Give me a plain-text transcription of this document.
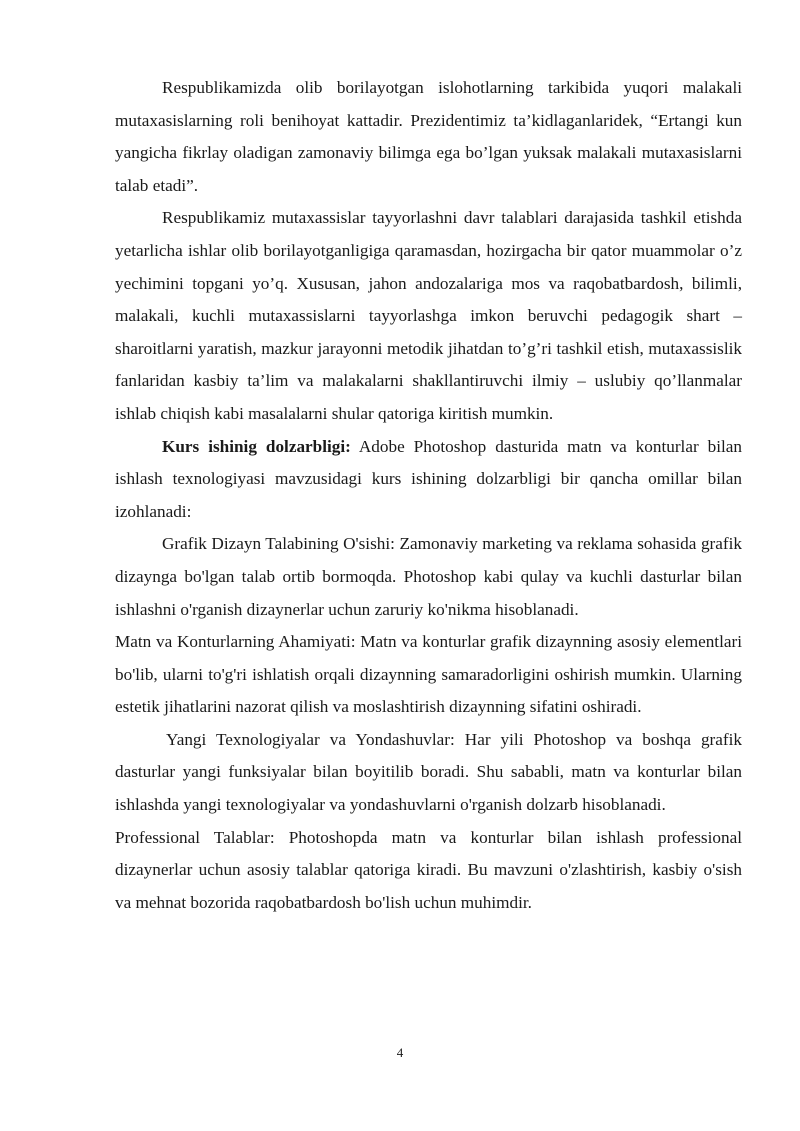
Respublikamizda olib borilayotgan islohotlarning tarkibida yuqori malakali mutaxasislarning roli benihoyat kattadir. Prezidentimiz ta’kidlaganlaridek, “Ertangi kun yangicha fikrlay oladigan zamonaviy bilimga ega bo’lgan yuksak malakali mutaxasislarni talab etadi”.

Respublikamiz mutaxassislar tayyorlashni davr talablari darajasida tashkil etishda yetarlicha ishlar olib borilayotganligiga qaramasdan, hozirgacha bir qator muammolar o’z yechimini topgani yo’q. Xususan, jahon andozalariga mos va raqobatbardosh, bilimli, malakali, kuchli mutaxassislarni tayyorlashga imkon beruvchi pedagogik shart – sharoitlarni yaratish, mazkur jarayonni metodik jihatdan to’g’ri tashkil etish, mutaxassislik fanlaridan kasbiy ta’lim va malakalarni shakllantiruvchi ilmiy – uslubiy qo’llanmalar ishlab chiqish kabi masalalarni shular qatoriga kiritish mumkin.

Kurs ishinig dolzarbligi: Adobe Photoshop dasturida matn va konturlar bilan ishlash texnologiyasi mavzusidagi kurs ishining dolzarbligi bir qancha omillar bilan izohlanadi:

Grafik Dizayn Talabining O'sishi: Zamonaviy marketing va reklama sohasida grafik dizaynga bo'lgan talab ortib bormoqda. Photoshop kabi qulay va kuchli dasturlar bilan ishlashni o'rganish dizaynerlar uchun zaruriy ko'nikma hisoblanadi.

Matn va Konturlarning Ahamiyati: Matn va konturlar grafik dizaynning asosiy elementlari bo'lib, ularni to'g'ri ishlatish orqali dizaynning samaradorligini oshirish mumkin. Ularning estetik jihatlarini nazorat qilish va moslashtirish dizaynning sifatini oshiradi.

Yangi Texnologiyalar va Yondashuvlar: Har yili Photoshop va boshqa grafik dasturlar yangi funksiyalar bilan boyitilib boradi. Shu sababli, matn va konturlar bilan ishlashda yangi texnologiyalar va yondashuvlarni o'rganish dolzarb hisoblanadi.

Professional Talablar: Photoshopda matn va konturlar bilan ishlash professional dizaynerlar uchun asosiy talablar qatoriga kiradi. Bu mavzuni o'zlashtirish, kasbiy o'sish va mehnat bozorida raqobatbardosh bo'lish uchun muhimdir.

4
